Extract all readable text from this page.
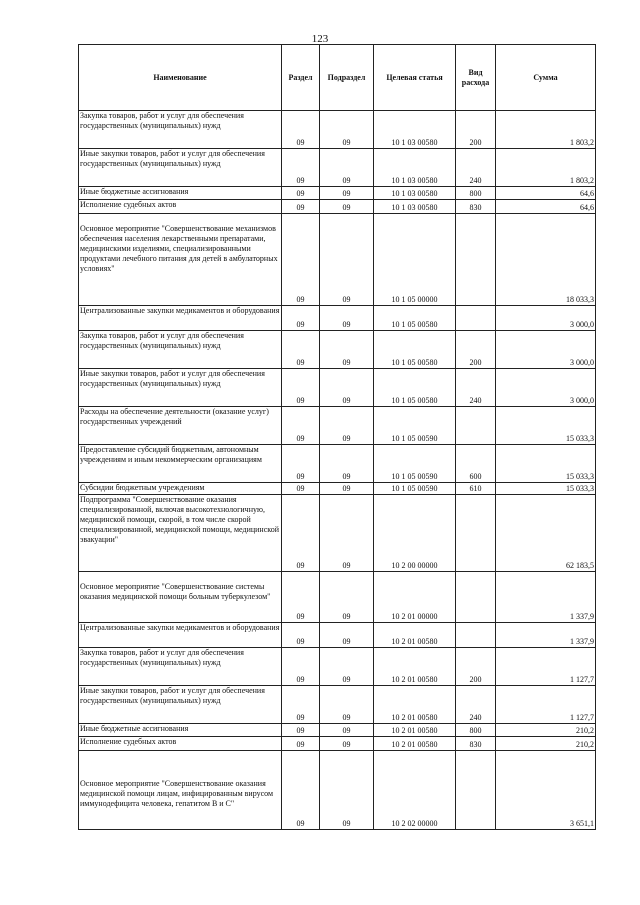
123
Наименование	Раздел	Подраздел	Целевая статья	Вид расхода	Сумма

Закупка товаров, работ и услуг для обеспечения государственных (муниципальных) нужд	09	09	10 1 03 00580	200	1 803,2

Иные закупки товаров, работ и услуг для обеспечения государственных (муниципальных) нужд	09	09	10 1 03 00580	240	1 803,2

Иные бюджетные ассигнования	09	09	10 1 03 00580	800	64,6

Исполнение судебных актов	09	09	10 1 03 00580	830	64,6

Основное мероприятие "Совершенствование механизмов обеспечения населения лекарственными препаратами, медицинскими изделиями, специализированными продуктами лечебного питания для детей в амбулаторных условиях"	09	09	10 1 05 00000		18 033,3

Централизованные закупки медикаментов и оборудования	09	09	10 1 05 00580		3 000,0

Закупка товаров, работ и услуг для обеспечения государственных (муниципальных) нужд	09	09	10 1 05 00580	200	3 000,0

Иные закупки товаров, работ и услуг для обеспечения государственных (муниципальных) нужд	09	09	10 1 05 00580	240	3 000,0

Расходы на обеспечение деятельности (оказание услуг) государственных учреждений	09	09	10 1 05 00590		15 033,3

Предоставление субсидий бюджетным, автономным учреждениям и иным некоммерческим организациям	09	09	10 1 05 00590	600	15 033,3

Субсидии бюджетным учреждениям	09	09	10 1 05 00590	610	15 033,3

Подпрограмма "Совершенствование оказания специализированной, включая высокотехнологичную, медицинской помощи, скорой, в том числе скорой специализированной, медицинской помощи, медицинской эвакуации"	09	09	10 2 00 00000		62 183,5

Основное мероприятие "Совершенствование системы оказания медицинской помощи больным туберкулезом"	09	09	10 2 01 00000		1 337,9

Централизованные закупки медикаментов и оборудования	09	09	10 2 01 00580		1 337,9

Закупка товаров, работ и услуг для обеспечения государственных (муниципальных) нужд	09	09	10 2 01 00580	200	1 127,7

Иные закупки товаров, работ и услуг для обеспечения государственных (муниципальных) нужд	09	09	10 2 01 00580	240	1 127,7

Иные бюджетные ассигнования	09	09	10 2 01 00580	800	210,2

Исполнение судебных актов	09	09	10 2 01 00580	830	210,2

Основное мероприятие "Совершенствование оказания медицинской помощи лицам, инфицированным вирусом иммунодефицита человека, гепатитом В и С"	09	09	10 2 02 00000		3 651,1
